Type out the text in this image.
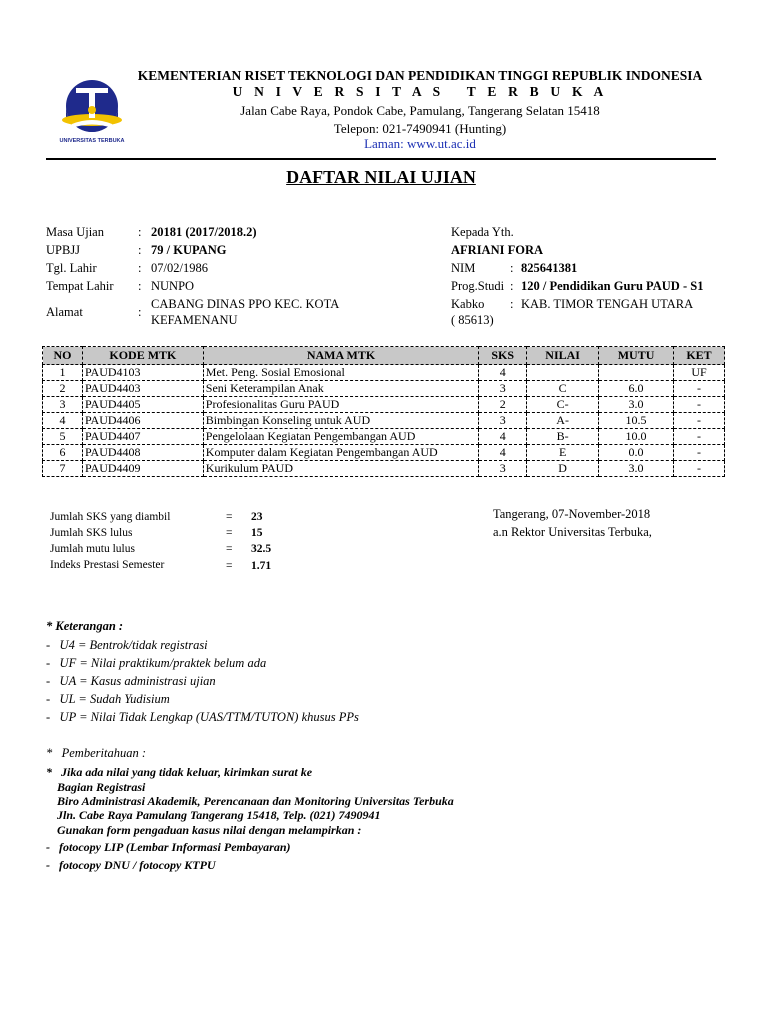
UNIVERSITAS TERBUKA
KEMENTERIAN RISET TEKNOLOGI DAN PENDIDIKAN TINGGI REPUBLIK INDONESIA
U N I V E R S I T A S   T E R B U K A
Jalan Cabe Raya, Pondok Cabe, Pamulang, Tangerang Selatan 15418
Telepon: 021-7490941 (Hunting)
Laman: www.ut.ac.id
DAFTAR NILAI UJIAN
Masa Ujian	: 20181 (2017/2018.2)
UPBJJ	: 79 / KUPANG
Tgl. Lahir	: 07/02/1986
Tempat Lahir : NUNPO
Alamat	:
CABANG DINAS PPO KEC. KOTA
KEFAMENANU
Kepada Yth.
AFRIANI FORA
NIM	: 825641381
Prog.Studi : 120 / Pendidikan Guru PAUD - S1
Kabko : KAB. TIMOR TENGAH UTARA
( 85613)
NO	KODE MTK	NAMA MTK	SKS	NILAI	MUTU	KET
1	PAUD4103	Met. Peng. Sosial Emosional	4			UF
2	PAUD4403	Seni Keterampilan Anak	3	C	6.0	-
3	PAUD4405	Profesionalitas Guru PAUD	2	C-	3.0	-
4	PAUD4406	Bimbingan Konseling untuk AUD	3	A-	10.5	-
5	PAUD4407	Pengelolaan Kegiatan Pengembangan AUD	4	B-	10.0	-
6	PAUD4408	Komputer dalam Kegiatan Pengembangan AUD	4	E	0.0	-
7	PAUD4409	Kurikulum PAUD	3	D	3.0	-
Jumlah SKS yang diambil	= 23
Jumlah SKS lulus	= 15
Jumlah mutu lulus	= 32.5
Indeks Prestasi Semester	= 1.71
Tangerang, 07-November-2018
a.n Rektor Universitas Terbuka,
* Keterangan :
-   U4 = Bentrok/tidak registrasi
-   UF = Nilai praktikum/praktek belum ada
-   UA = Kasus administrasi ujian
-   UL = Sudah Yudisium
-   UP = Nilai Tidak Lengkap (UAS/TTM/TUTON) khusus PPs
*   Pemberitahuan :
*   Jika ada nilai yang tidak keluar, kirimkan surat ke
Bagian Registrasi
Biro Administrasi Akademik, Perencanaan dan Monitoring Universitas Terbuka
Jln. Cabe Raya Pamulang Tangerang 15418, Telp. (021) 7490941
Gunakan form pengaduan kasus nilai dengan melampirkan :
-   fotocopy LIP (Lembar Informasi Pembayaran)
-   fotocopy DNU / fotocopy KTPU
